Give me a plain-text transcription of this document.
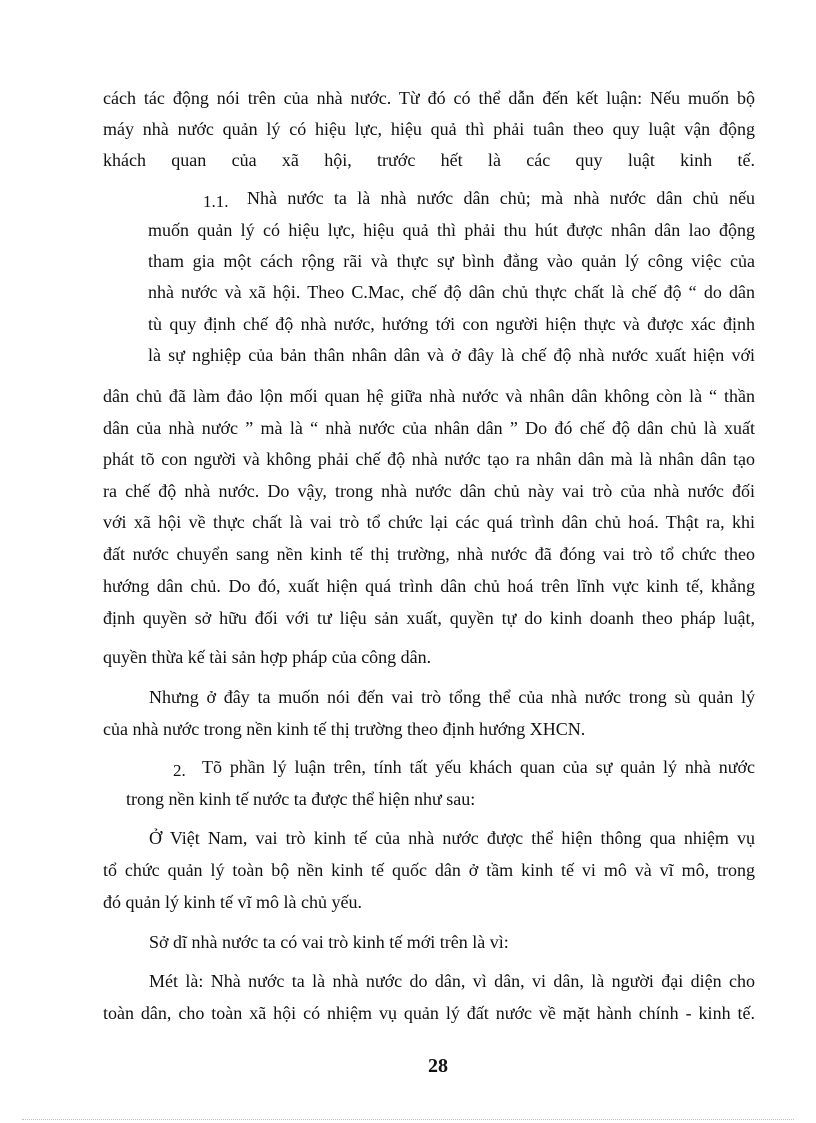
cách tác động nói trên của nhà nước. Từ đó có thể dẫn đến kết luận: Nếu muốn bộ
máy nhà nước quản lý có hiệu lực, hiệu quả thì phải tuân theo quy luật vận động
khách quan của xã hội, trước hết là các quy luật kinh tế.
1.1. Nhà nước ta là nhà nước dân chủ; mà nhà nước dân chủ nếu
muốn quản lý có hiệu lực, hiệu quả thì phải thu hút được nhân dân lao động
tham gia một cách rộng rãi và thực sự bình đẳng vào quản lý công việc của
nhà nước và xã hội. Theo C.Mac, chế độ dân chủ thực chất là chế độ “ do dân
tù quy định chế độ nhà nước, hướng tới con người hiện thực và được xác định
là sự nghiệp của bản thân nhân dân và ở đây là chế độ nhà nước xuất hiện với
dân chủ đã làm đảo lộn mối quan hệ giữa nhà nước và nhân dân không còn là “ thần
dân của nhà nước ” mà là “ nhà nước của nhân dân ” Do đó chế độ dân chủ là xuất
phát tõ con người và không phải chế độ nhà nước tạo ra nhân dân mà là nhân dân tạo
ra chế độ nhà nước. Do vậy, trong nhà nước dân chủ này vai trò của nhà nước đối
với xã hội về thực chất là vai trò tổ chức lại các quá trình dân chủ hoá. Thật ra, khi
đất nước chuyển sang nền kinh tế thị trường, nhà nước đã đóng vai trò tổ chức theo
hướng dân chủ. Do đó, xuất hiện quá trình dân chủ hoá trên lĩnh vực kinh tế, khẳng
định quyền sở hữu đối với tư liệu sản xuất, quyền tự do kinh doanh theo pháp luật,
quyền thừa kế tài sản hợp pháp của công dân.
Nhưng ở đây ta muốn nói đến vai trò tổng thể của nhà nước trong sù quản lý
của nhà nước trong nền kinh tế thị trường theo định hướng XHCN.
2. Tõ phần lý luận trên, tính tất yếu khách quan của sự quản lý nhà nước
trong nền kinh tế nước ta được thể hiện như sau:
Ở Việt Nam, vai trò kinh tế của nhà nước được thể hiện thông qua nhiệm vụ
tổ chức quản lý toàn bộ nền kinh tế quốc dân ở tầm kinh tế vi mô và vĩ mô, trong
đó quản lý kinh tế vĩ mô là chủ yếu.
Sở dĩ nhà nước ta có vai trò kinh tế mới trên là vì:
Mét là: Nhà nước ta là nhà nước do dân, vì dân, vi dân, là người đại diện cho
toàn dân, cho toàn xã hội có nhiệm vụ quản lý đất nước về mặt hành chính - kinh tế.
28
